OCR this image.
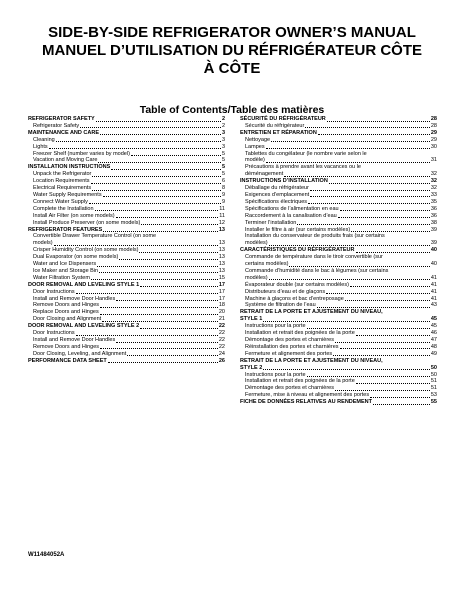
SIDE-BY-SIDE REFRIGERATOR OWNER’S MANUAL
MANUEL D’UTILISATION DU RÉFRIGÉRATEUR CÔTE
À CÔTE
Table of Contents/Table des matières
REFRIGERATOR SAFETY	2
Refrigerator Safety	2
MAINTENANCE AND CARE	3
Cleaning	3
Lights	3
Freezer Shelf (number varies by model)	5
Vacation and Moving Care	5
INSTALLATION INSTRUCTIONS	5
Unpack the Refrigerator	5
Location Requirements	6
Electrical Requirements	8
Water Supply Requirements	9
Connect Water Supply	9
Complete the Installation	11
Install Air Filter (on some models)	11
Install Produce Preserver (on some models)	12
REFRIGERATOR FEATURES	13
Convertible Drawer Temperature Control (on some
models)	13
Crisper Humidity Control (on some models)	13
Dual Evaporator (on some models)	13
Water and Ice Dispensers	13
Ice Maker and Storage Bin	13
Water Filtration System	15
DOOR REMOVAL AND LEVELING STYLE 1	17
Door Instructions	17
Install and Remove Door Handles	17
Remove Doors and Hinges	18
Replace Doors and Hinges	20
Door Closing and Alignment	21
DOOR REMOVAL AND LEVELING STYLE 2	22
Door Instructions	22
Install and Remove Door Handles	22
Remove Doors and Hinges	22
Door Closing, Leveling, and Alignment	24
PERFORMANCE DATA SHEET	26
SÉCURITÉ DU RÉFRIGÉRATEUR	28
Sécurité du réfrigérateur	28
ENTRETIEN ET RÉPARATION	29
Nettoyage	29
Lampes	30
Tablettes du congélateur (le nombre varie selon le
modèle)	31
Précautions à prendre avant les vacances ou le
déménagement	32
INSTRUCTIONS D’INSTALLATION	32
Déballage du réfrigérateur	32
Exigences d’emplacement	33
Spécifications électriques	35
Spécifications de l’alimentation en eau	36
Raccordement à la canalisation d’eau	36
Terminer l’installation	38
Installer le filtre à air (sur certains modèles)	39
Installation du conservateur de produits frais (sur certains
modèles)	39
CARACTÉRISTIQUES DU RÉFRIGÉRATEUR	40
Commande de température dans le tiroir convertible (sur
certains modèles)	40
Commande d’humidité dans le bac à légumes (sur certains
modèles)	41
Évaporateur double (sur certains modèles)	41
Distributeurs d’eau et de glaçons	41
Machine à glaçons et bac d’entreposage	41
Système de filtration de l’eau	43
RETRAIT DE LA PORTE ET AJUSTEMENT DU NIVEAU,
STYLE 1	45
Instructions pour la porte	45
Installation et retrait des poignées de la porte	46
Démontage des portes et charnières	47
Réinstallation des portes et charnières	48
Fermeture et alignement des portes	49
RETRAIT DE LA PORTE ET AJUSTEMENT DU NIVEAU,
STYLE 2	50
Instructions pour la porte	50
Installation et retrait des poignées de la porte	51
Démontage des portes et charnières	51
Fermeture, mise à niveau et alignement des portes	53
FICHE DE DONNÉES RELATIVES AU RENDEMENT	55
W11484052A
